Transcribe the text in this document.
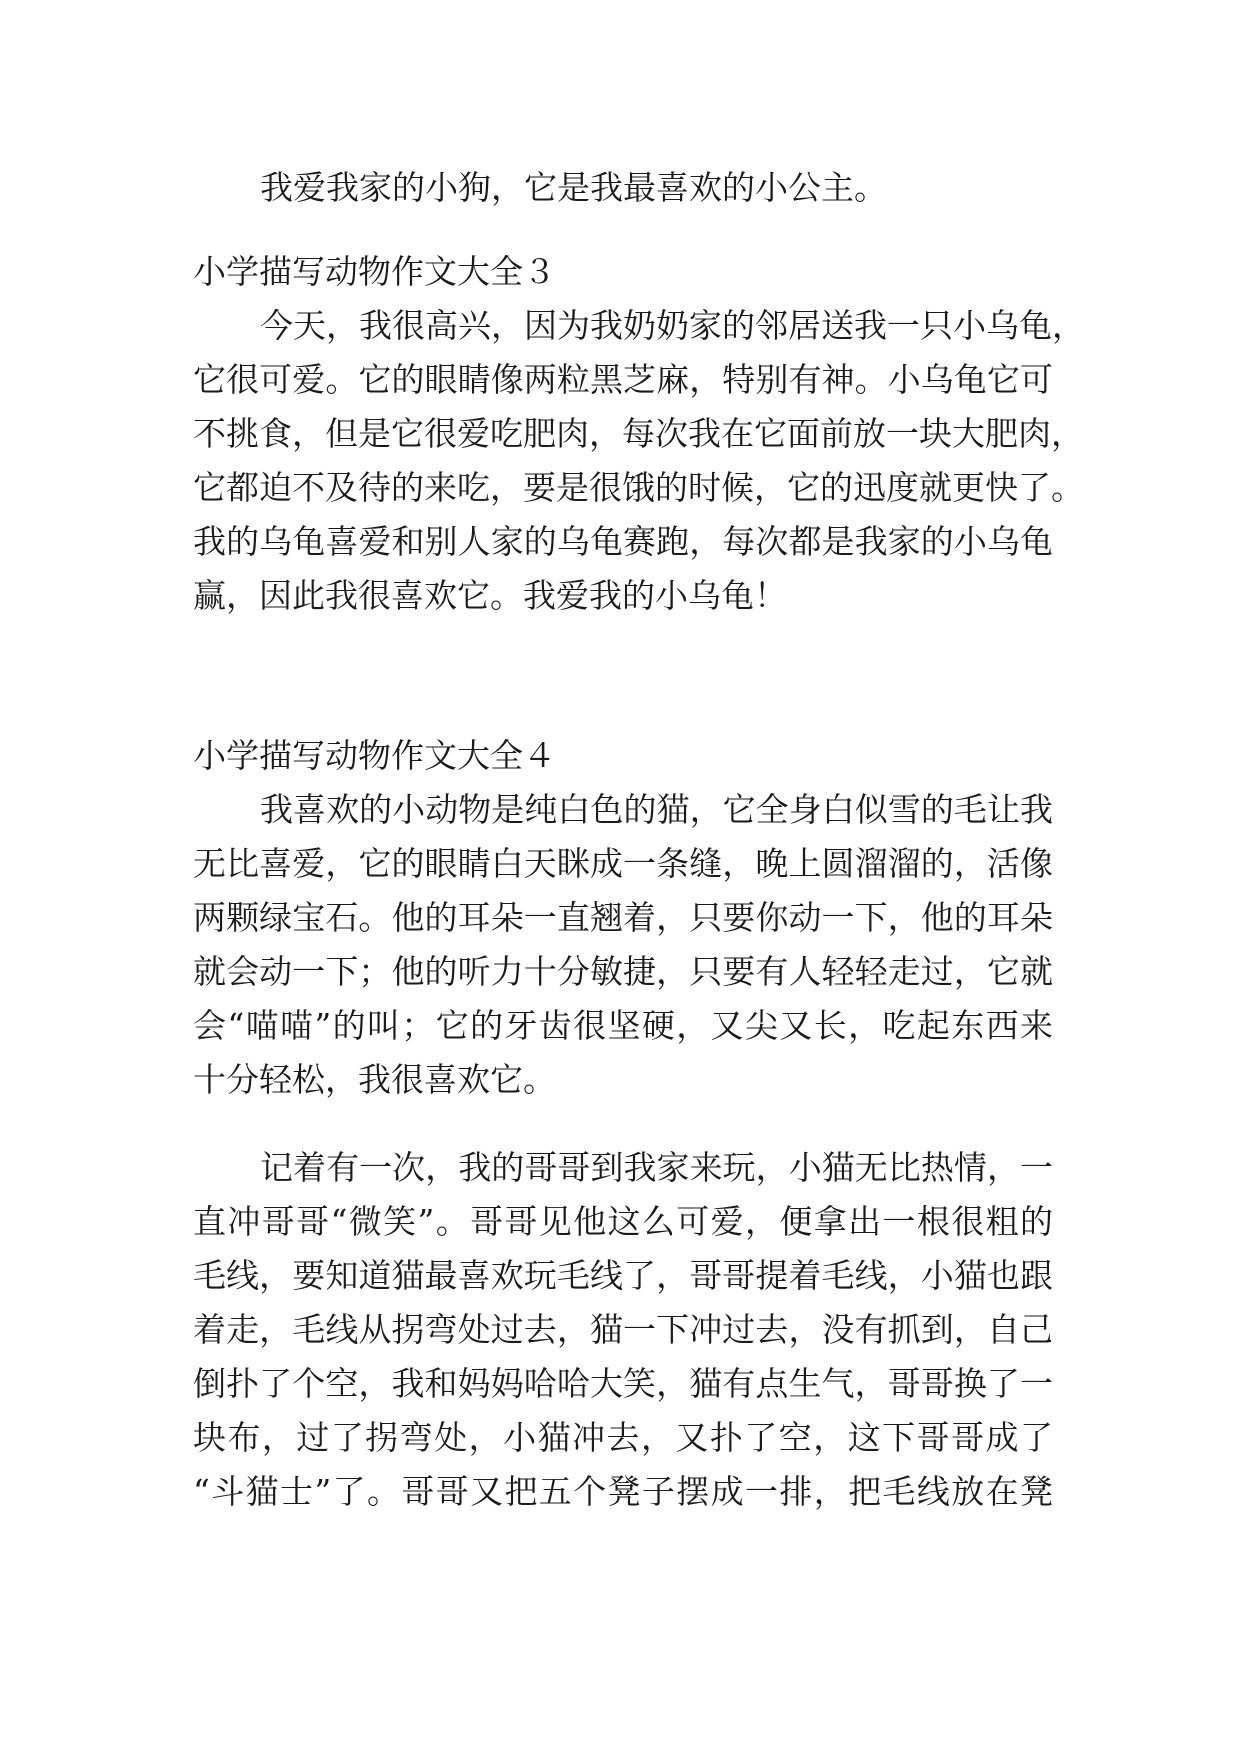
我爱我家的小狗，它是我最喜欢的小公主。
小学描写动物作文大全３
今天，我很高兴，因为我奶奶家的邻居送我一只小乌龟，
它很可爱。它的眼睛像两粒黑芝麻，特别有神。小乌龟它可
不挑食，但是它很爱吃肥肉，每次我在它面前放一块大肥肉，
它都迫不及待的来吃，要是很饿的时候，它的迅度就更快了。
我的乌龟喜爱和别人家的乌龟赛跑，每次都是我家的小乌龟
赢，因此我很喜欢它。我爱我的小乌龟！
小学描写动物作文大全４
我喜欢的小动物是纯白色的猫，它全身白似雪的毛让我
无比喜爱，它的眼睛白天眯成一条缝，晚上圆溜溜的，活像
两颗绿宝石。他的耳朵一直翘着，只要你动一下，他的耳朵
就会动一下；他的听力十分敏捷，只要有人轻轻走过，它就
会“喵喵”的叫；它的牙齿很坚硬，又尖又长，吃起东西来
十分轻松，我很喜欢它。
记着有一次，我的哥哥到我家来玩，小猫无比热情，一
直冲哥哥“微笑”。哥哥见他这么可爱，便拿出一根很粗的
毛线，要知道猫最喜欢玩毛线了，哥哥提着毛线，小猫也跟
着走，毛线从拐弯处过去，猫一下冲过去，没有抓到，自己
倒扑了个空，我和妈妈哈哈大笑，猫有点生气，哥哥换了一
块布，过了拐弯处，小猫冲去，又扑了空，这下哥哥成了
“斗猫士”了。哥哥又把五个凳子摆成一排，把毛线放在凳
